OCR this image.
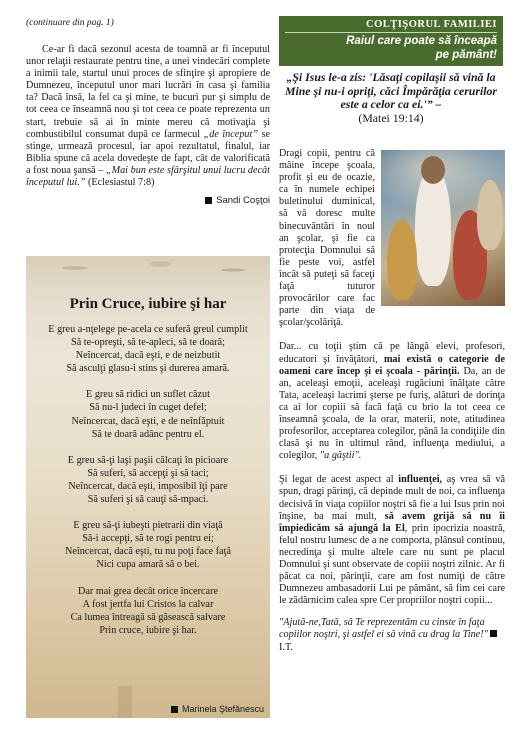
(continuare din pag. 1)

Ce-ar fi dacă sezonul acesta de toamnă ar fi începutul unor relaţii restaurate pentru tine, a unei vindecări complete a inimii tale, startul unui proces de sfinţire şi apropiere de Dumnezeu, începutul unor mari lucrări în casa şi familia ta? Dacă însă, la fel ca şi mine, te bucuri pur şi simplu de tot ceea ce înseamnă nou şi tot ceea ce poate reprezenta un start, trebuie să ai în minte mereu că motivaţia şi combustibilul consumat după ce farmecul „de început” se stinge, urmează procesul, iar apoi rezultatul, finalul, iar Biblia spune că acela dovedeşte de fapt, cât de valorificată a fost noua şansă – „Mai bun este sfârşitul unui lucru decât începutul lui.” (Eclesiastul 7:8)

Sandi Coşţoi
Prin Cruce, iubire şi har
E greu a-nţelege pe-acela ce suferă greul cumplit
Să te-opreşti, să te-apleci, să te doară;
Neîncercat, dacă eşti, e de neizbutit
Să asculţi glasu-i stins şi durerea amară.
E greu să ridici un suflet căzut
Să nu-l judeci în cuget defel;
Neîncercat, dacă eşti, e de neînfăptuit
Să te doară adânc pentru el.
E greu să-ţi laşi paşii călcaţi în picioare
Să suferi, să accepţi şi să taci;
Neîncercat, dacă eşti, imposibil îţi pare
Să suferi şi să cauţi să-mpaci.
E greu să-ţi iubeşti pietrarii din viaţă
Să-i accepţi, să te rogi pentru ei;
Neîncercat, dacă eşti, tu nu poţi face faţă
Nici cupa amară să o bei.
Dar mai grea decât orice încercare
A fost jertfa lui Cristos la calvar
Ca lumea întreagă să găsească salvare
Prin cruce, iubire şi har.
Marinela Ştefănescu
COLŢIŞORUL FAMILIEI
Raiul care poate să înceapă
pe pământ!
„Şi Isus le-a zis: 'Lăsaţi copilaşii să vină la Mine şi nu-i opriţi, căci Împărăţia cerurilor este a celor ca ei.'” –
(Matei 19:14)
Dragi copii, pentru că mâine începe şcoala, profit şi eu de ocazie, ca în numele echipei buletinului duminical, să vă doresc multe binecuvântări în noul an şcolar, şi fie ca protecţia Domnului să fie peste voi, astfel încât să puteţi să faceţi faţă tuturor provocărilor care fac parte din viaţa de şcolar/şcolăriţă.
Dar... cu toţii ştim că pe lângă elevi, profesori, educatori şi învăţători, mai există o categorie de oameni care încep şi ei şcoala - părinţii. Da, an de an, aceleaşi emoţii, aceleaşi rugăciuni înălţate către Tata, aceleaşi lacrimi şterse pe furiş, alături de dorinţa ca ai lor copiii să facă faţă cu brio la tot ceea ce înseamnă şcoala, de la orar, materii, note, atitudinea profesorilor, acceptarea colegilor, până la condiţiile din clasă şi nu în ultimul rând, influenţa mediului, a colegilor, "a găştii".
Şi legat de acest aspect al influenţei, aş vrea să vă spun, dragi părinţi, că depinde mult de noi, ca influenţa decisivă în viaţa copiilor noştri să fie a lui Isus prin noi înşine, ba mai mult, să avem grijă să nu îi împiedicăm să ajungă la El, prin ipocrizia noastră, felul nostru lumesc de a ne comporta, plânsul continuu, necredinţa şi multe altele care nu sunt pe placul Domnului şi sunt observate de copiii noştri zilnic. Ar fi păcat ca noi, părinţii, care am fost numiţi de către Dumnezeu ambasadorii Lui pe pământ, să fim cei care le zădărnicim calea spre Cer propriilor noştri copii...
"Ajută-ne,Tată, să Te reprezentăm cu cinste în faţa copiilor noştri, şi astfel ei să vină cu drag la Tine!"  I.T.
